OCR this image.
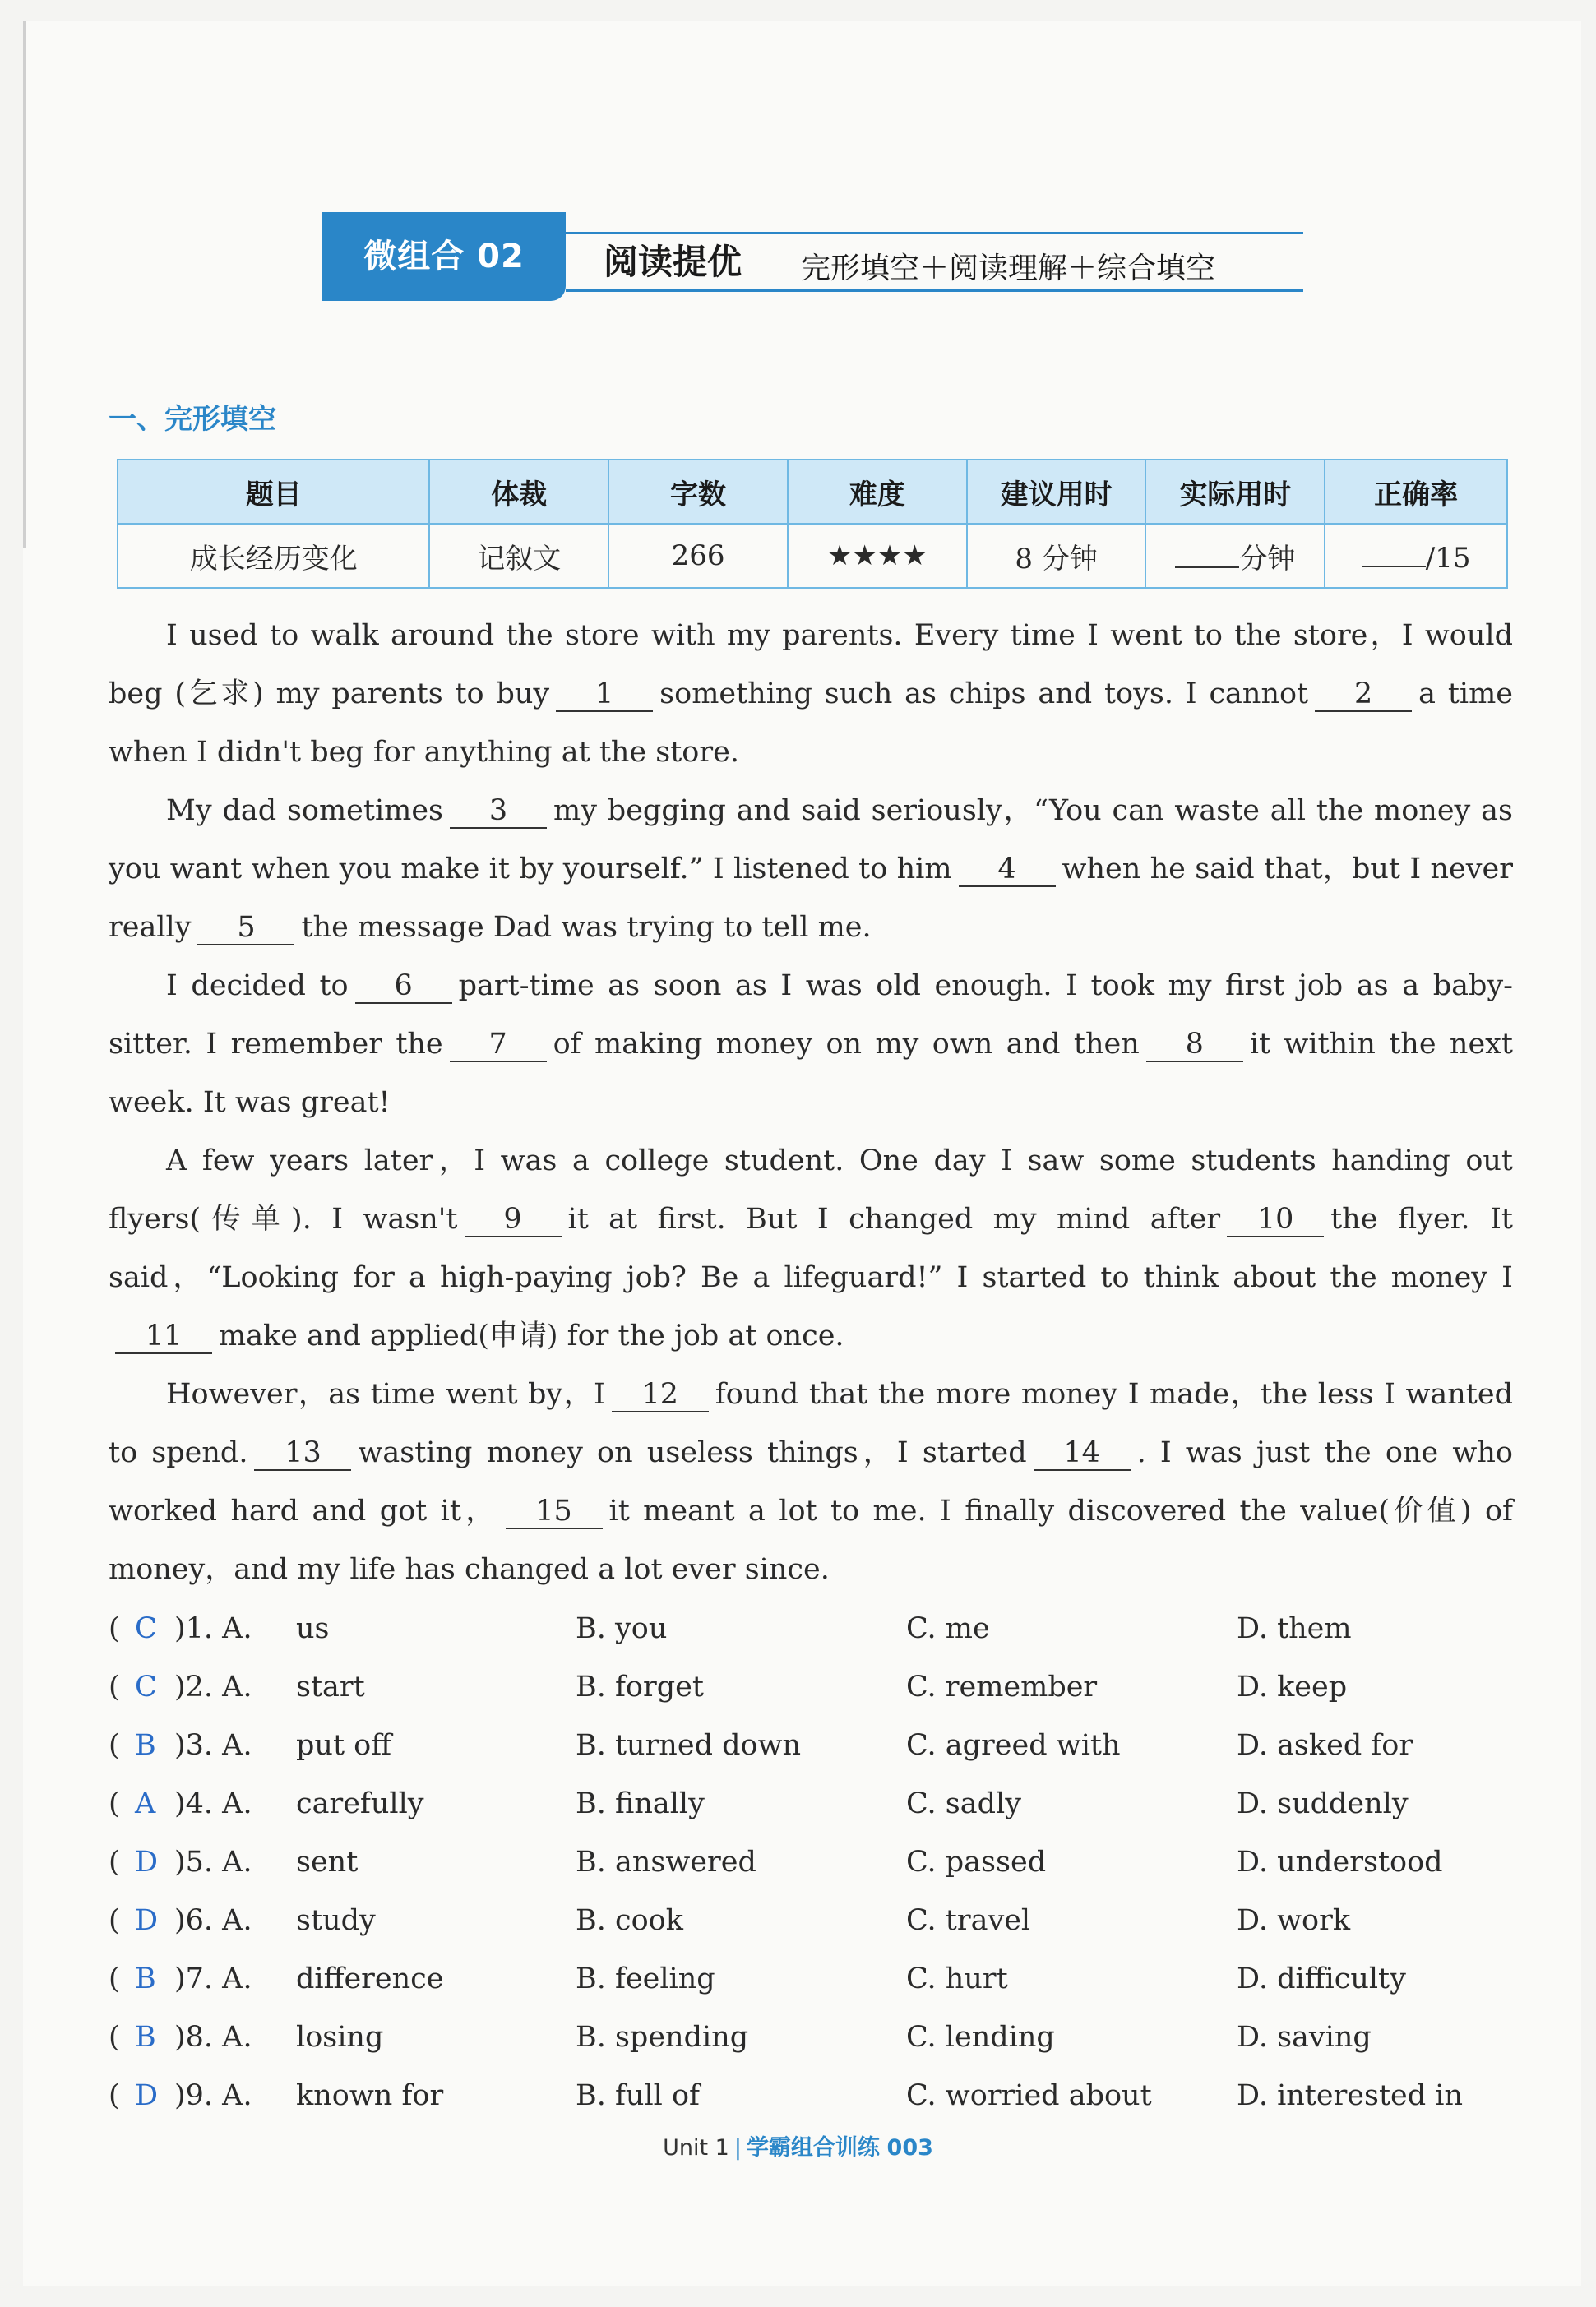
微组合 02	阅读提优 完形填空＋阅读理解＋综合填空
一、完形填空
题目	体裁	字数	难度	建议用时	实际用时	正确率
成长经历变化	记叙文	266	★★★★	8 分钟	分钟	/15

I used to walk around the store with my parents. Every time I went to the store，I would beg (乞求) my parents to buy 1 something such as chips and toys. I cannot 2 a time when I didn't beg for anything at the store.

My dad sometimes 3 my begging and said seriously，“You can waste all the money as you want when you make it by yourself.” I listened to him 4 when he said that，but I never really 5 the message Dad was trying to tell me.

I decided to 6 part-time as soon as I was old enough. I took my first job as a baby-sitter. I remember the 7 of making money on my own and then 8 it within the next week. It was great!

A few years later，I was a college student. One day I saw some students handing out flyers(传单). I wasn't 9 it at first. But I changed my mind after 10 the flyer. It said，“Looking for a high-paying job? Be a lifeguard!” I started to think about the money I11 make and applied(申请) for the job at once.

However，as time went by，I 12 found that the more money I made，the less I wanted to spend. 13 wasting money on useless things，I started 14 . I was just the one who worked hard and got it， 15 it meant a lot to me. I finally discovered the value(价值) of money，and my life has changed a lot ever since.

( C )1. A. us	B. you	C. me	D. them
( C )2. A. start	B. forget	C. remember	D. keep
( B )3. A. put off	B. turned down	C. agreed with	D. asked for
( A )4. A. carefully	B. finally	C. sadly	D. suddenly
( D )5. A. sent	B. answered	C. passed	D. understood
( D )6. A. study	B. cook	C. travel	D. work
( B )7. A. difference	B. feeling	C. hurt	D. difficulty
( B )8. A. losing	B. spending	C. lending	D. saving
( D )9. A. known for	B. full of	C. worried about	D. interested in
Unit 1 | 学霸组合训练 003
